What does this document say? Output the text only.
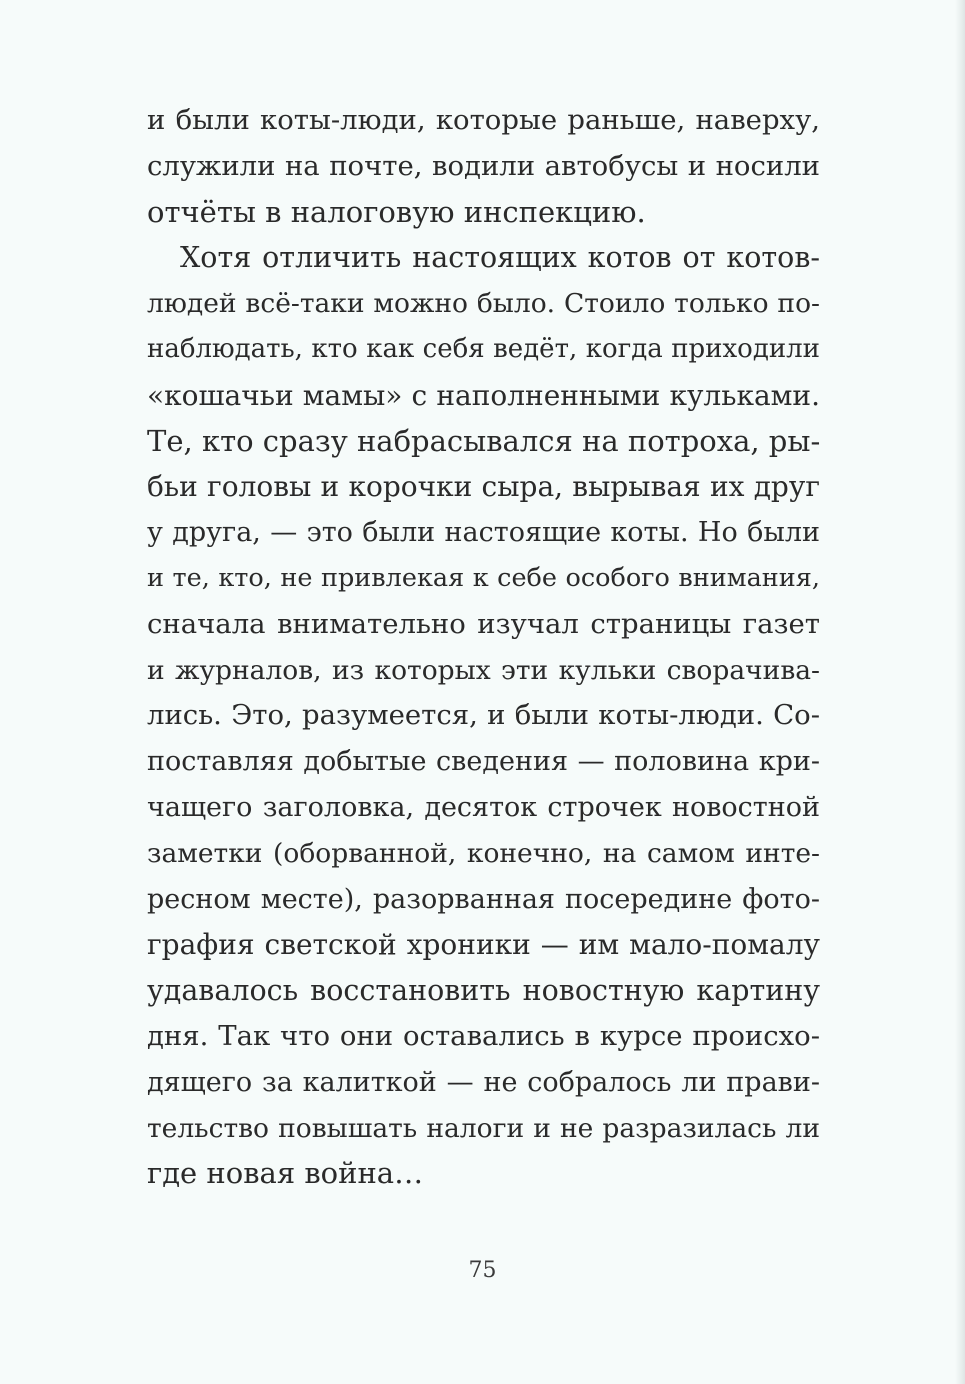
и были коты-люди, которые раньше, наверху,
служили на почте, водили автобусы и носили
отчёты в налоговую инспекцию.
Хотя отличить настоящих котов от котов-
людей всё-таки можно было. Стоило только по-
наблюдать, кто как себя ведёт, когда приходили
«кошачьи мамы» с наполненными кульками.
Те, кто сразу набрасывался на потроха, ры-
бьи головы и корочки сыра, вырывая их друг
у друга, — это были настоящие коты. Но были
и те, кто, не привлекая к себе особого внимания,
сначала внимательно изучал страницы газет
и журналов, из которых эти кульки сворачива-
лись. Это, разумеется, и были коты-люди. Со-
поставляя добытые сведения — половина кри-
чащего заголовка, десяток строчек новостной
заметки (оборванной, конечно, на самом инте-
ресном месте), разорванная посередине фото-
графия светской хроники — им мало-помалу
удавалось восстановить новостную картину
дня. Так что они оставались в курсе происхо-
дящего за калиткой — не собралось ли прави-
тельство повышать налоги и не разразилась ли
где новая война…
75
